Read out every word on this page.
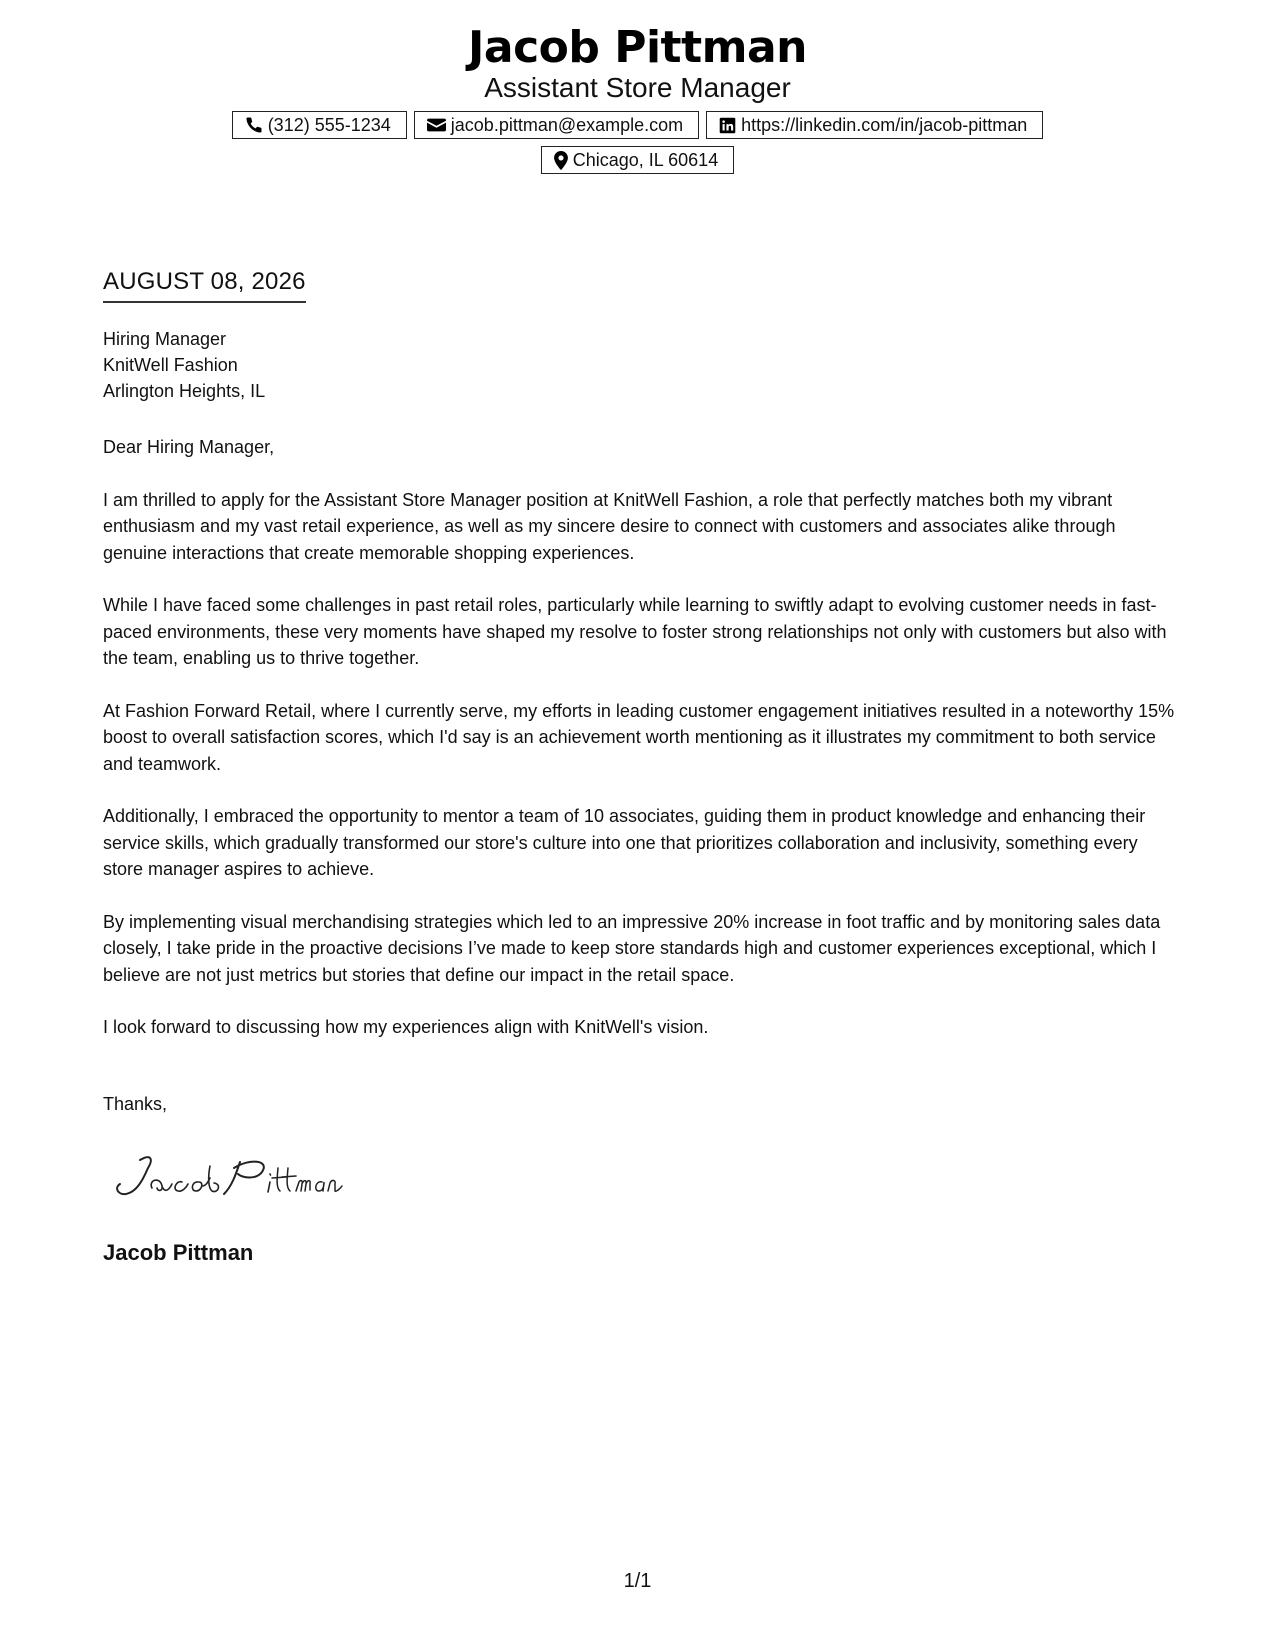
Jacob Pittman
Assistant Store Manager
(312) 555-1234	jacob.pittman@example.com	https://linkedin.com/in/jacob-pittman
Chicago, IL 60614
AUGUST 08, 2026
Hiring Manager
KnitWell Fashion
Arlington Heights, IL

Dear Hiring Manager,

I am thrilled to apply for the Assistant Store Manager position at KnitWell Fashion, a role that perfectly matches both my vibrant enthusiasm and my vast retail experience, as well as my sincere desire to connect with customers and associates alike through genuine interactions that create memorable shopping experiences.

While I have faced some challenges in past retail roles, particularly while learning to swiftly adapt to evolving customer needs in fast-paced environments, these very moments have shaped my resolve to foster strong relationships not only with customers but also with the team, enabling us to thrive together.

At Fashion Forward Retail, where I currently serve, my efforts in leading customer engagement initiatives resulted in a noteworthy 15% boost to overall satisfaction scores, which I'd say is an achievement worth mentioning as it illustrates my commitment to both service and teamwork.

Additionally, I embraced the opportunity to mentor a team of 10 associates, guiding them in product knowledge and enhancing their service skills, which gradually transformed our store's culture into one that prioritizes collaboration and inclusivity, something every store manager aspires to achieve.

By implementing visual merchandising strategies which led to an impressive 20% increase in foot traffic and by monitoring sales data closely, I take pride in the proactive decisions I’ve made to keep store standards high and customer experiences exceptional, which I believe are not just metrics but stories that define our impact in the retail space.

I look forward to discussing how my experiences align with KnitWell's vision.

Thanks,
Jacob Pittman
1/1
